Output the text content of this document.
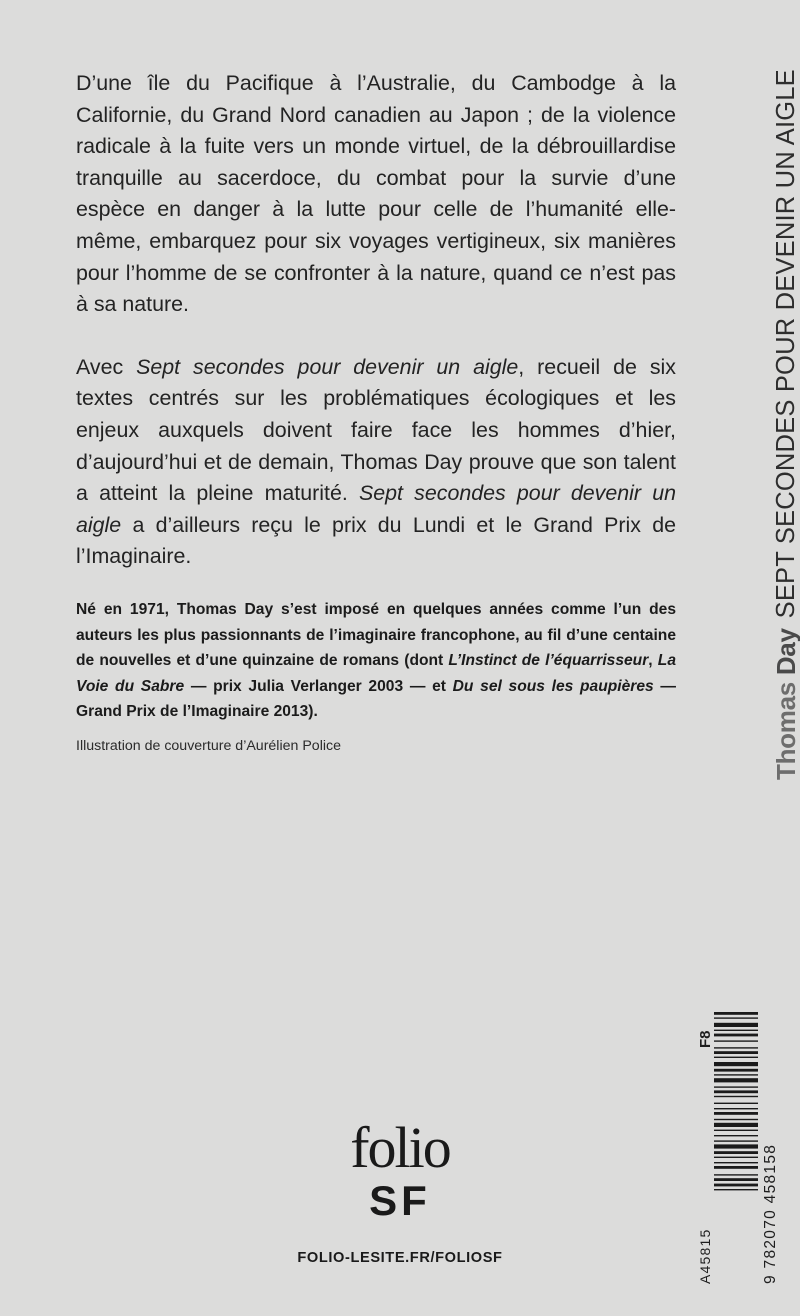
D’une île du Pacifique à l’Australie, du Cambodge à la Californie, du Grand Nord canadien au Japon ; de la violence radicale à la fuite vers un monde virtuel, de la débrouillardise tranquille au sacerdoce, du combat pour la survie d’une espèce en danger à la lutte pour celle de l’humanité elle-même, embarquez pour six voyages vertigineux, six manières pour l’homme de se confronter à la nature, quand ce n’est pas à sa nature.

Avec Sept secondes pour devenir un aigle, recueil de six textes centrés sur les problématiques écologiques et les enjeux auxquels doivent faire face les hommes d’hier, d’aujourd’hui et de demain, Thomas Day prouve que son talent a atteint la pleine maturité. Sept secondes pour devenir un aigle a d’ailleurs reçu le prix du Lundi et le Grand Prix de l’Imaginaire.

Né en 1971, Thomas Day s’est imposé en quelques années comme l’un des auteurs les plus passionnants de l’imaginaire francophone, au fil d’une centaine de nouvelles et d’une quinzaine de romans (dont L’Instinct de l’équarrisseur, La Voie du Sabre — prix Julia Verlanger 2003 — et Du sel sous les paupières — Grand Prix de l’Imaginaire 2013).

Illustration de couverture d’Aurélien Police	Thomas Day
SEPT SECONDES POUR DEVENIR UN AIGLE
folio
SF
FOLIO-LESITE.FR/FOLIOSF	A45815
F8
9 782070 458158
